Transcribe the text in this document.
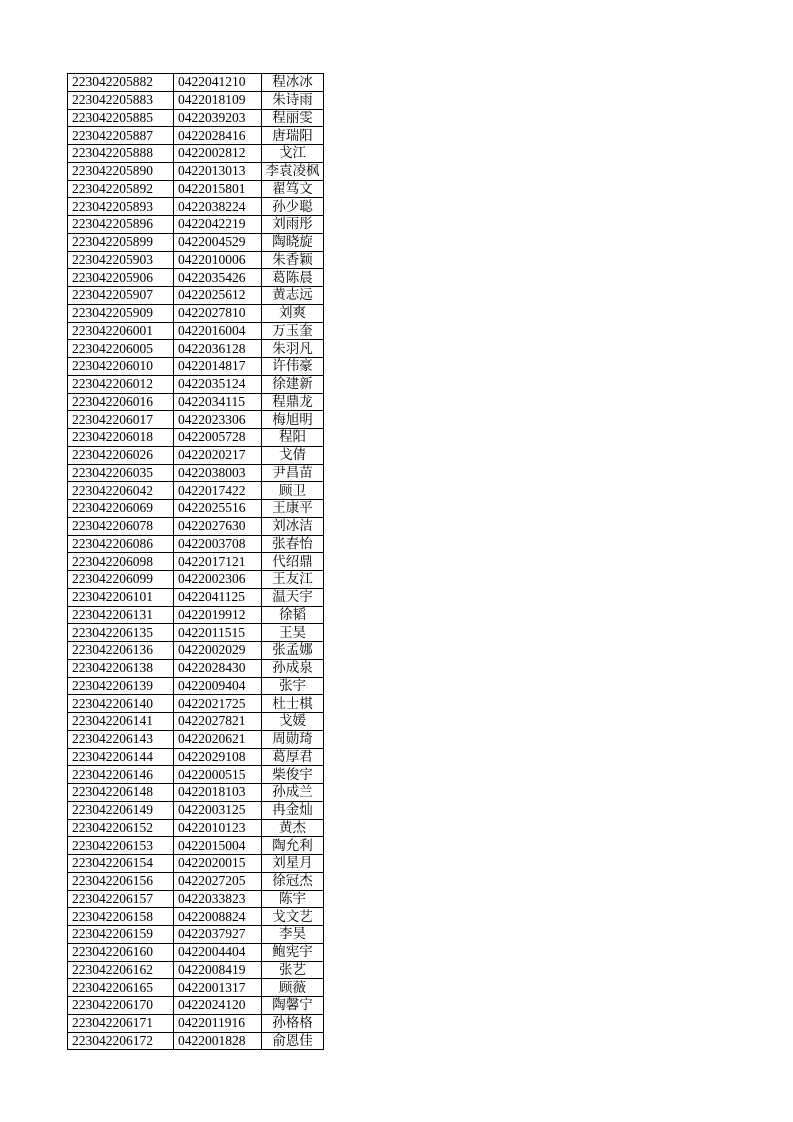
223042205882	0422041210	程冰冰
223042205883	0422018109	朱诗雨
223042205885	0422039203	程丽雯
223042205887	0422028416	唐瑞阳
223042205888	0422002812	戈江
223042205890	0422013013	李袁凌枫
223042205892	0422015801	翟笃文
223042205893	0422038224	孙少聪
223042205896	0422042219	刘雨彤
223042205899	0422004529	陶晓旋
223042205903	0422010006	朱香颖
223042205906	0422035426	葛陈晨
223042205907	0422025612	黄志远
223042205909	0422027810	刘爽
223042206001	0422016004	万玉奎
223042206005	0422036128	朱羽凡
223042206010	0422014817	许伟豪
223042206012	0422035124	徐建新
223042206016	0422034115	程鼎龙
223042206017	0422023306	梅旭明
223042206018	0422005728	程阳
223042206026	0422020217	戈倩
223042206035	0422038003	尹昌苗
223042206042	0422017422	顾卫
223042206069	0422025516	王康平
223042206078	0422027630	刘冰洁
223042206086	0422003708	张春怡
223042206098	0422017121	代绍鼎
223042206099	0422002306	王友江
223042206101	0422041125	温天宇
223042206131	0422019912	徐韬
223042206135	0422011515	王昊
223042206136	0422002029	张孟娜
223042206138	0422028430	孙成泉
223042206139	0422009404	张宇
223042206140	0422021725	杜士棋
223042206141	0422027821	戈媛
223042206143	0422020621	周勋琦
223042206144	0422029108	葛厚君
223042206146	0422000515	柴俊宇
223042206148	0422018103	孙成兰
223042206149	0422003125	冉金灿
223042206152	0422010123	黄杰
223042206153	0422015004	陶允利
223042206154	0422020015	刘星月
223042206156	0422027205	徐冠杰
223042206157	0422033823	陈宇
223042206158	0422008824	戈文艺
223042206159	0422037927	李昊
223042206160	0422004404	鲍宪宇
223042206162	0422008419	张艺
223042206165	0422001317	顾薇
223042206170	0422024120	陶馨宁
223042206171	0422011916	孙格格
223042206172	0422001828	俞恩佳
